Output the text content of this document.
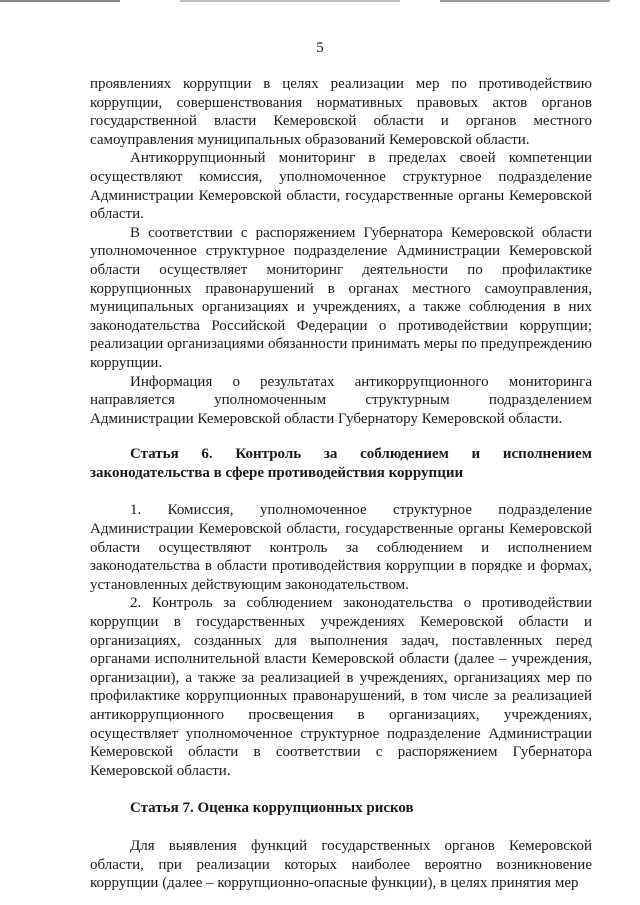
5

проявлениях коррупции в целях реализации мер по противодействию коррупции, совершенствования нормативных правовых актов органов государственной власти Кемеровской области и органов местного самоуправления муниципальных образований Кемеровской области.

Антикоррупционный мониторинг в пределах своей компетенции осуществляют комиссия, уполномоченное структурное подразделение Администрации Кемеровской области, государственные органы Кемеровской области.

В соответствии с распоряжением Губернатора Кемеровской области уполномоченное структурное подразделение Администрации Кемеровской области осуществляет мониторинг деятельности по профилактике коррупционных правонарушений в органах местного самоуправления, муниципальных организациях и учреждениях, а также соблюдения в них законодательства Российской Федерации о противодействии коррупции; реализации организациями обязанности принимать меры по предупреждению коррупции.

Информация о результатах антикоррупционного мониторинга направляется уполномоченным структурным подразделением Администрации Кемеровской области Губернатору Кемеровской области.

Статья 6. Контроль за соблюдением и исполнением законодательства в сфере противодействия коррупции

1. Комиссия, уполномоченное структурное подразделение Администрации Кемеровской области, государственные органы Кемеровской области осуществляют контроль за соблюдением и исполнением законодательства в области противодействия коррупции в порядке и формах, установленных действующим законодательством.

2. Контроль за соблюдением законодательства о противодействии коррупции в государственных учреждениях Кемеровской области и организациях, созданных для выполнения задач, поставленных перед органами исполнительной власти Кемеровской области (далее – учреждения, организации), а также за реализацией в учреждениях, организациях мер по профилактике коррупционных правонарушений, в том числе за реализацией антикоррупционного просвещения в организациях, учреждениях, осуществляет уполномоченное структурное подразделение Администрации Кемеровской области в соответствии с распоряжением Губернатора Кемеровской области.

Статья 7. Оценка коррупционных рисков

Для выявления функций государственных органов Кемеровской области, при реализации которых наиболее вероятно возникновение коррупции (далее – коррупционно-опасные функции), в целях принятия мер
